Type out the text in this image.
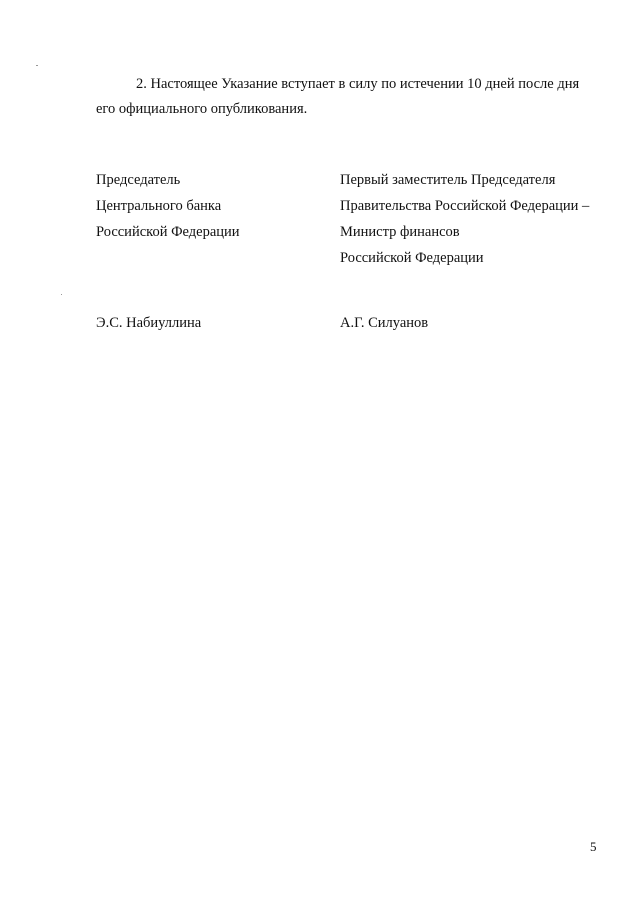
2. Настоящее Указание вступает в силу по истечении 10 дней после дня
его официального опубликования.
Председатель
Центрального банка
Российской Федерации
Первый заместитель Председателя
Правительства Российской Федерации –
Министр финансов
Российской Федерации
Э.С. Набиуллина	А.Г. Силуанов
5
